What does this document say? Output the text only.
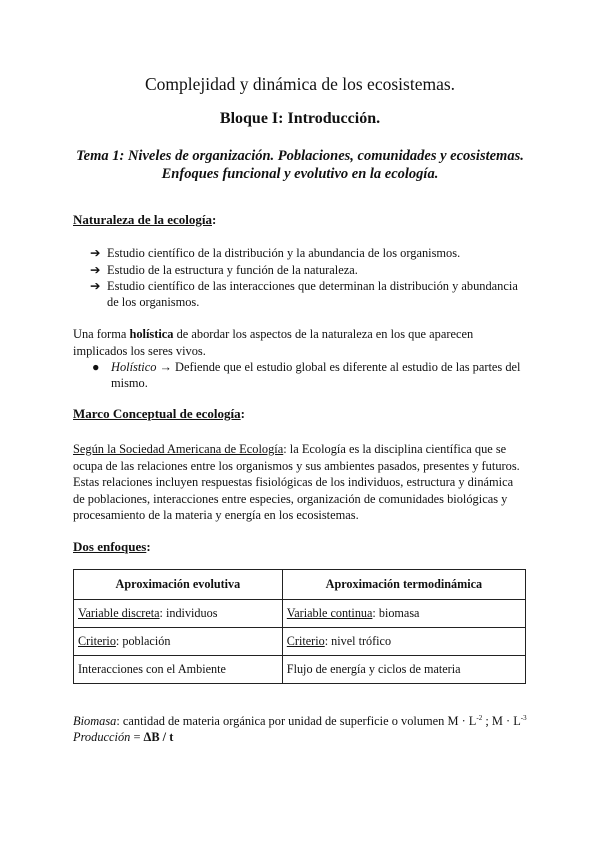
Complejidad y dinámica de los ecosistemas.
Bloque I: Introducción.
Tema 1: Niveles de organización. Poblaciones, comunidades y ecosistemas.
Enfoques funcional y evolutivo en la ecología.
Naturaleza de la ecología:
➔ Estudio científico de la distribución y la abundancia de los organismos.
➔ Estudio de la estructura y función de la naturaleza.
➔ Estudio científico de las interacciones que determinan la distribución y abundancia de los organismos.
Una forma holística de abordar los aspectos de la naturaleza en los que aparecen implicados los seres vivos.
● Holístico → Defiende que el estudio global es diferente al estudio de las partes del mismo.
Marco Conceptual de ecología:
Según la Sociedad Americana de Ecología: la Ecología es la disciplina científica que se ocupa de las relaciones entre los organismos y sus ambientes pasados, presentes y futuros. Estas relaciones incluyen respuestas fisiológicas de los individuos, estructura y dinámica de poblaciones, interacciones entre especies, organización de comunidades biológicas y procesamiento de la materia y energía en los ecosistemas.
Dos enfoques:
Aproximación evolutiva	Aproximación termodinámica
Variable discreta: individuos	Variable continua: biomasa
Criterio: población	Criterio: nivel trófico
Interacciones con el Ambiente	Flujo de energía y ciclos de materia
Biomasa: cantidad de materia orgánica por unidad de superficie o volumen $M \cdot L^{-2}$ ; $M \cdot L^{-3}$
Producción = ΔB / t
